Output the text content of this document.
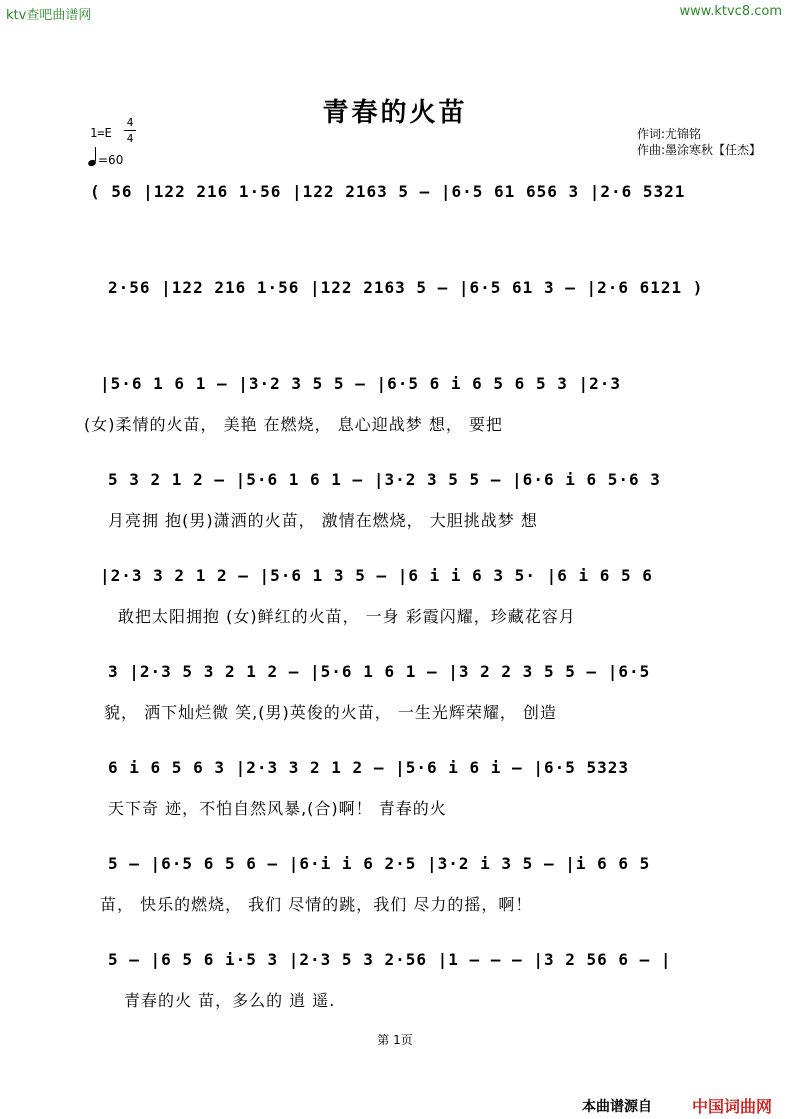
ktv查吧曲谱网	www.ktvc8.com
青春的火苗
1=E
4
4
=60
作词:尤锦铭
作曲:墨涂寒秋【任杰】
( 56 |122 216 1·56 |122 2163 5 – |6·5 61 656 3 |2·6 5321
2·56 |122 216 1·56 |122 2163 5 – |6·5 61 3 – |2·6 6121 )
|5·6 1 6 1 – |3·2 3 5 5 – |6·5 6 i 6 5 6 5 3 |2·3
(女)柔情的火苗， 美艳 在燃烧， 息心迎战梦 想， 要把
5 3 2 1 2 – |5·6 1 6 1 – |3·2 3 5 5 – |6·6 i 6 5·6 3
月亮拥 抱(男)潇洒的火苗， 激情在燃烧， 大胆挑战梦 想
|2·3 3 2 1 2 – |5·6 1 3 5 – |6 i i 6 3 5· |6 i 6 5 6
敢把太阳拥抱 (女)鲜红的火苗， 一身 彩霞闪耀，珍藏花容月
3 |2·3 5 3 2 1 2 – |5·6 1 6 1 – |3 2 2 3 5 5 – |6·5
貌， 洒下灿烂微 笑,(男)英俊的火苗， 一生光辉荣耀， 创造
6 i 6 5 6 3 |2·3 3 2 1 2 – |5·6 i 6 i – |6·5 5323
天下奇 迹，不怕自然风暴,(合)啊！ 青春的火
5 – |6·5 6 5 6 – |6·i i 6 2·5 |3·2 i 3 5 – |i 6 6 5
苗， 快乐的燃烧， 我们 尽情的跳，我们 尽力的摇，啊！
5 – |6 5 6 i·5 3 |2·3 5 3 2·56 |1 – – – |3 2 56 6 – |
青春的火 苗，多么的 逍 遥.
第 1页
本曲谱源自	中国词曲网
